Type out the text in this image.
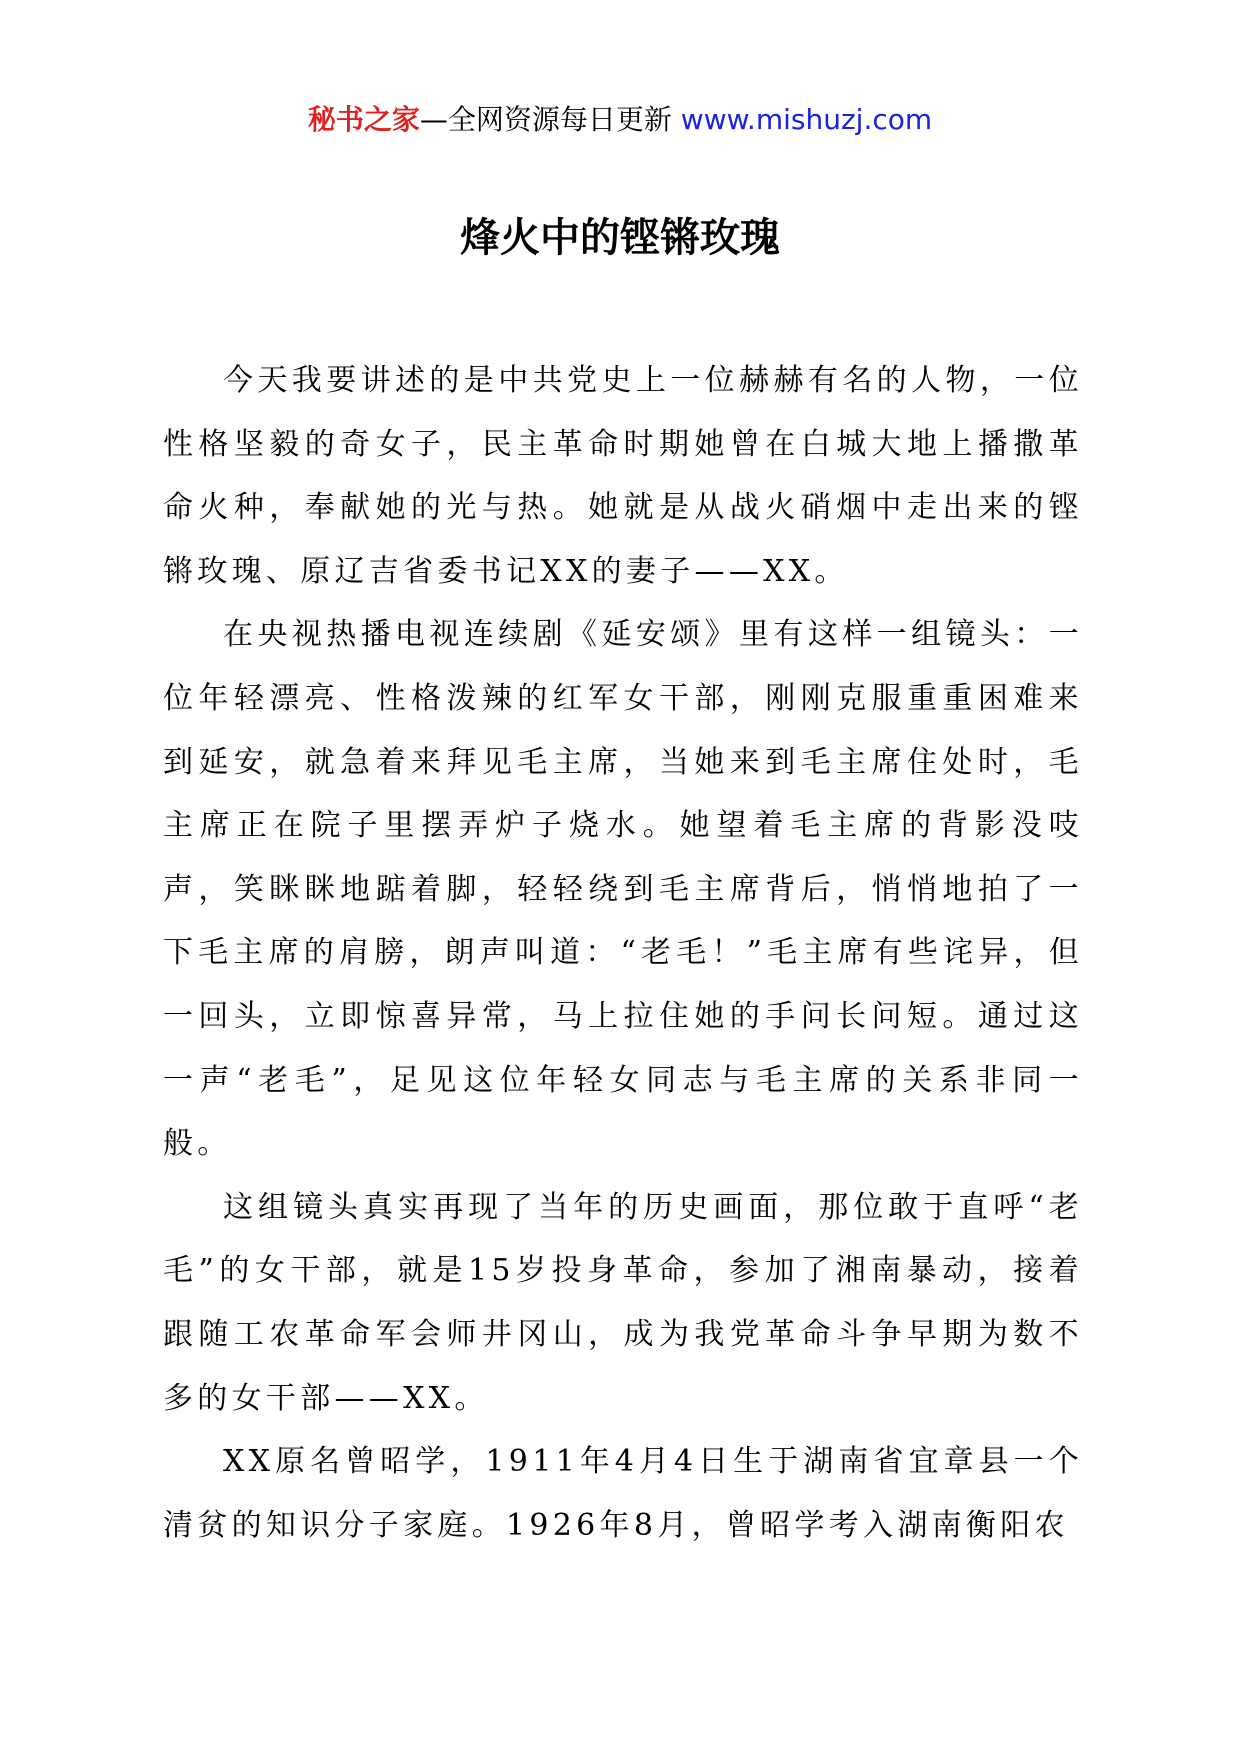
秘书之家—全网资源每日更新 www.mishuzj.com
烽火中的铿锵玫瑰

今天我要讲述的是中共党史上一位赫赫有名的人物，一位性格坚毅的奇女子，民主革命时期她曾在白城大地上播撒革命火种，奉献她的光与热。她就是从战火硝烟中走出来的铿锵玫瑰、原辽吉省委书记XX的妻子——XX。

在央视热播电视连续剧《延安颂》里有这样一组镜头：一位年轻漂亮、性格泼辣的红军女干部，刚刚克服重重困难来到延安，就急着来拜见毛主席，当她来到毛主席住处时，毛主席正在院子里摆弄炉子烧水。她望着毛主席的背影没吱声，笑眯眯地踮着脚，轻轻绕到毛主席背后，悄悄地拍了一下毛主席的肩膀，朗声叫道：“老毛！”毛主席有些诧异，但一回头，立即惊喜异常，马上拉住她的手问长问短。通过这一声“老毛”，足见这位年轻女同志与毛主席的关系非同一般。

这组镜头真实再现了当年的历史画面，那位敢于直呼“老毛”的女干部，就是15岁投身革命，参加了湘南暴动，接着跟随工农革命军会师井冈山，成为我党革命斗争早期为数不多的女干部——XX。

XX原名曾昭学，1911年4月4日生于湖南省宜章县一个清贫的知识分子家庭。1926年8月，曾昭学考入湖南衡阳农
